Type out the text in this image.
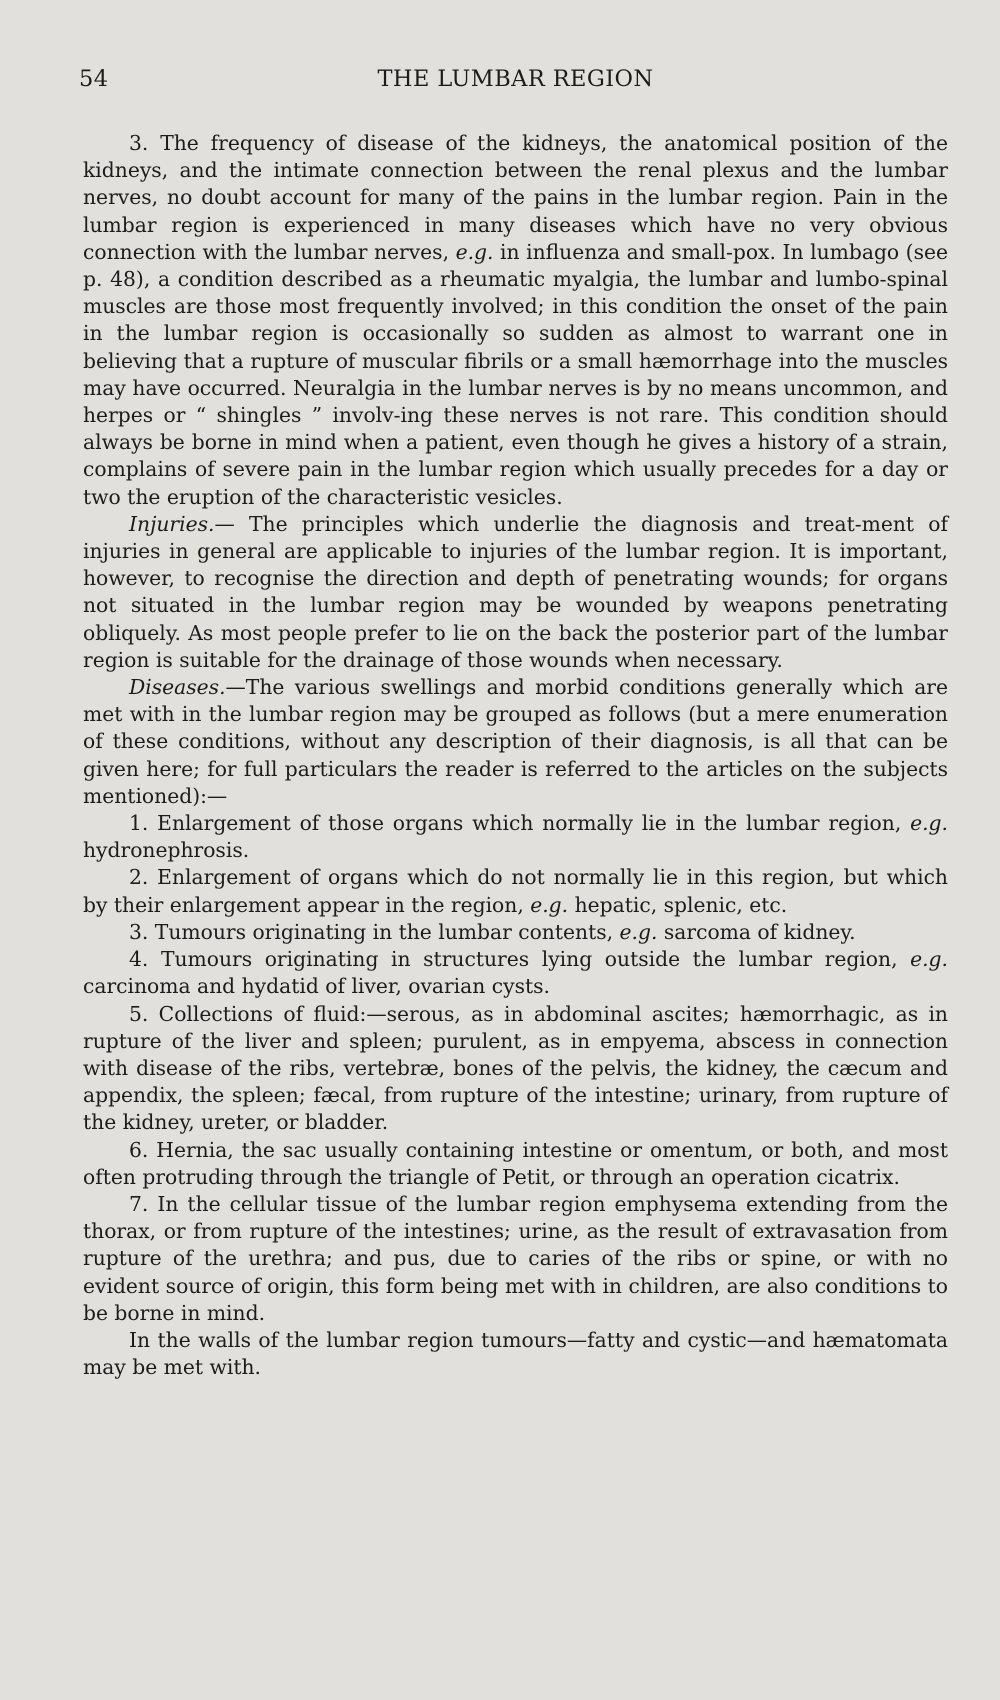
54	THE LUMBAR REGION

3. The frequency of disease of the kidneys, the anatomical position of the kidneys, and the intimate connection between the renal plexus and the lumbar nerves, no doubt account for many of the pains in the lumbar region. Pain in the lumbar region is experienced in many diseases which have no very obvious connection with the lumbar nerves, e.g. in influenza and small-pox. In lumbago (see p. 48), a condition described as a rheumatic myalgia, the lumbar and lumbo-spinal muscles are those most frequently involved; in this condition the onset of the pain in the lumbar region is occasionally so sudden as almost to warrant one in believing that a rupture of muscular fibrils or a small hæmorrhage into the muscles may have occurred. Neuralgia in the lumbar nerves is by no means uncommon, and herpes or “ shingles ” involv-ing these nerves is not rare. This condition should always be borne in mind when a patient, even though he gives a history of a strain, complains of severe pain in the lumbar region which usually precedes for a day or two the eruption of the characteristic vesicles.

Injuries.— The principles which underlie the diagnosis and treat-ment of injuries in general are applicable to injuries of the lumbar region. It is important, however, to recognise the direction and depth of penetrating wounds; for organs not situated in the lumbar region may be wounded by weapons penetrating obliquely. As most people prefer to lie on the back the posterior part of the lumbar region is suitable for the drainage of those wounds when necessary.

Diseases.—The various swellings and morbid conditions generally which are met with in the lumbar region may be grouped as follows (but a mere enumeration of these conditions, without any description of their diagnosis, is all that can be given here; for full particulars the reader is referred to the articles on the subjects mentioned):—

1. Enlargement of those organs which normally lie in the lumbar region, e.g. hydronephrosis.

2. Enlargement of organs which do not normally lie in this region, but which by their enlargement appear in the region, e.g. hepatic, splenic, etc.

3. Tumours originating in the lumbar contents, e.g. sarcoma of kidney.

4. Tumours originating in structures lying outside the lumbar region, e.g. carcinoma and hydatid of liver, ovarian cysts.

5. Collections of fluid:—serous, as in abdominal ascites; hæmorrhagic, as in rupture of the liver and spleen; purulent, as in empyema, abscess in connection with disease of the ribs, vertebræ, bones of the pelvis, the kidney, the cæcum and appendix, the spleen; fæcal, from rupture of the intestine; urinary, from rupture of the kidney, ureter, or bladder.

6. Hernia, the sac usually containing intestine or omentum, or both, and most often protruding through the triangle of Petit, or through an operation cicatrix.

7. In the cellular tissue of the lumbar region emphysema extending from the thorax, or from rupture of the intestines; urine, as the result of extravasation from rupture of the urethra; and pus, due to caries of the ribs or spine, or with no evident source of origin, this form being met with in children, are also conditions to be borne in mind.

In the walls of the lumbar region tumours—fatty and cystic—and hæmatomata may be met with.
